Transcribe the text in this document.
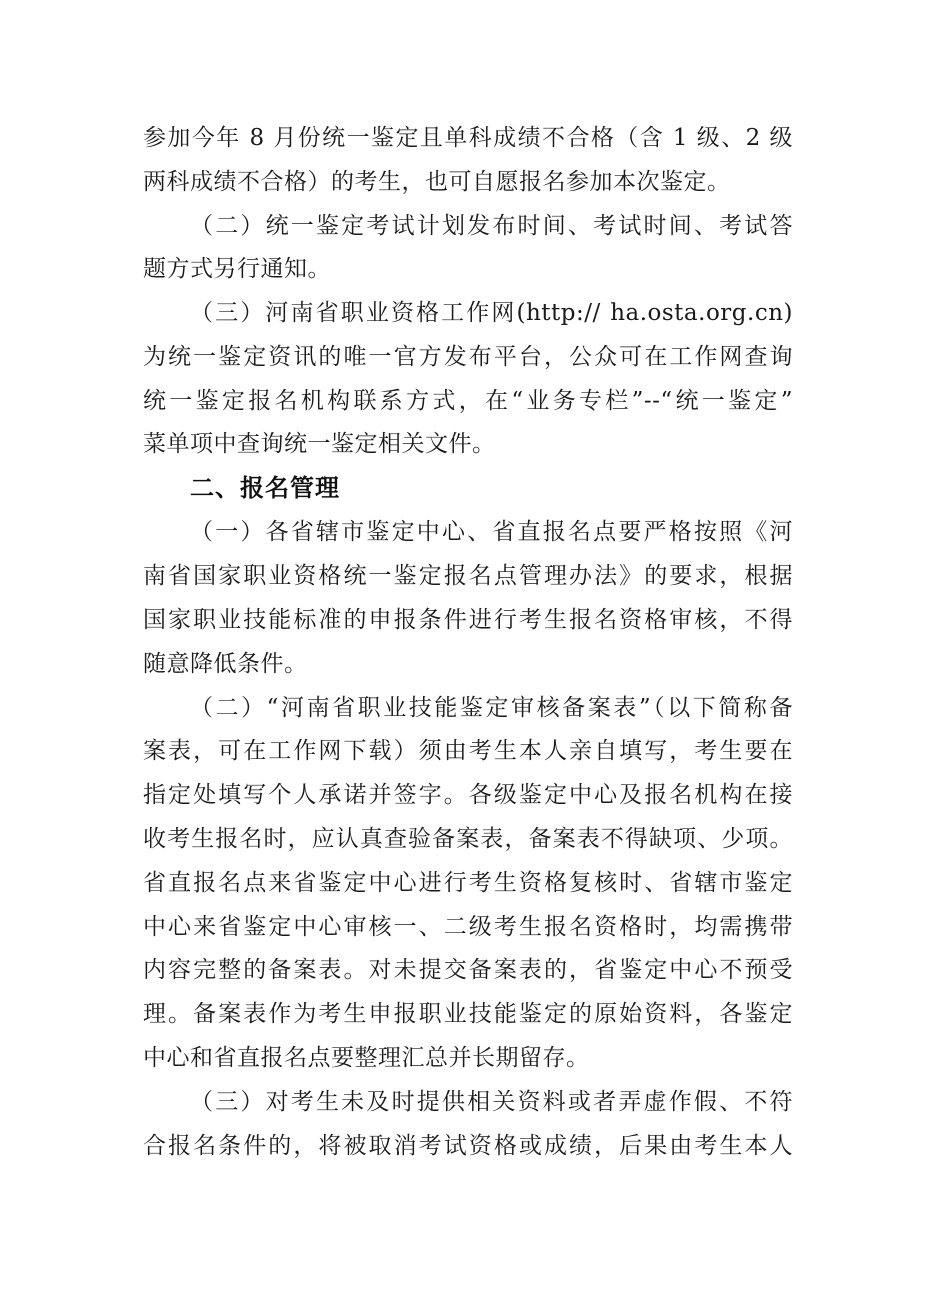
参加今年 8 月份统一鉴定且单科成绩不合格（含 1 级、2 级
两科成绩不合格）的考生，也可自愿报名参加本次鉴定。
（二）统一鉴定考试计划发布时间、考试时间、考试答
题方式另行通知。
（三）河南省职业资格工作网(http:// ha.osta.org.cn)
为统一鉴定资讯的唯一官方发布平台，公众可在工作网查询
统一鉴定报名机构联系方式，在“业务专栏”--“统一鉴定”
菜单项中查询统一鉴定相关文件。
二、报名管理
（一）各省辖市鉴定中心、省直报名点要严格按照《河
南省国家职业资格统一鉴定报名点管理办法》的要求，根据
国家职业技能标准的申报条件进行考生报名资格审核，不得
随意降低条件。
（二）“河南省职业技能鉴定审核备案表”（以下简称备
案表，可在工作网下载）须由考生本人亲自填写，考生要在
指定处填写个人承诺并签字。各级鉴定中心及报名机构在接
收考生报名时，应认真查验备案表，备案表不得缺项、少项。
省直报名点来省鉴定中心进行考生资格复核时、省辖市鉴定
中心来省鉴定中心审核一、二级考生报名资格时，均需携带
内容完整的备案表。对未提交备案表的，省鉴定中心不预受
理。备案表作为考生申报职业技能鉴定的原始资料，各鉴定
中心和省直报名点要整理汇总并长期留存。
（三）对考生未及时提供相关资料或者弄虚作假、不符
合报名条件的，将被取消考试资格或成绩，后果由考生本人
